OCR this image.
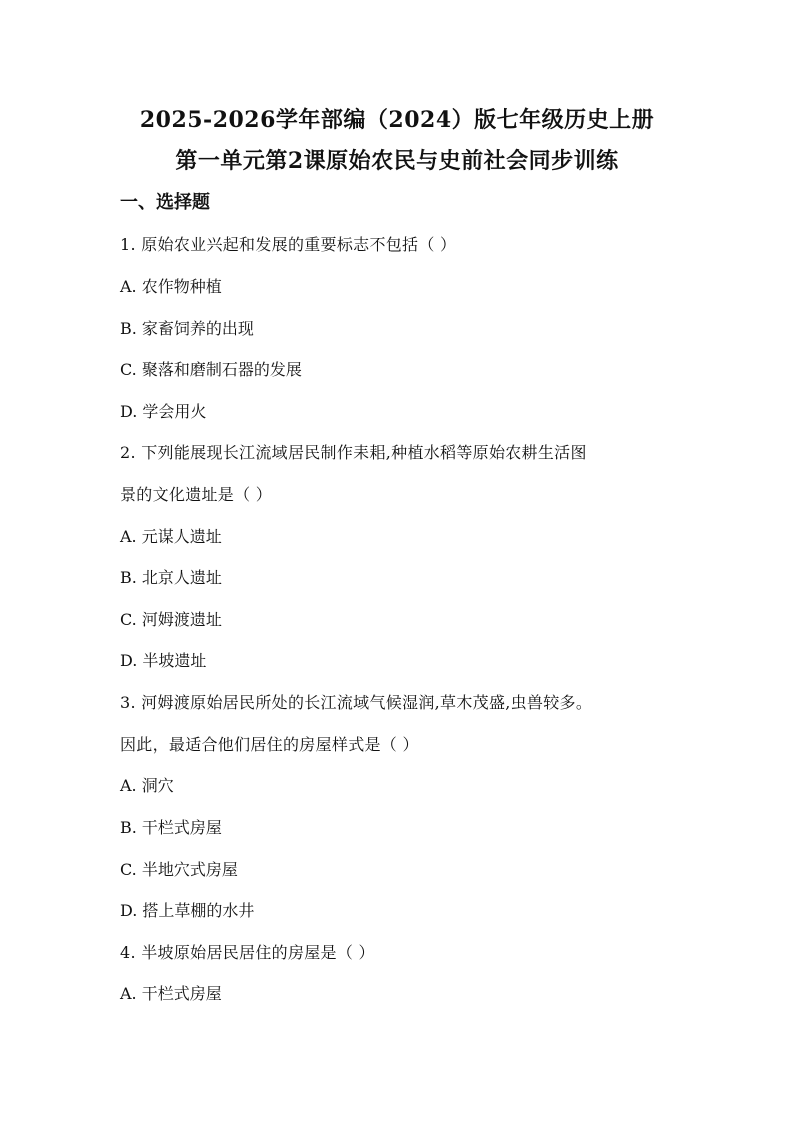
2025-2026学年部编（2024）版七年级历史上册
第一单元第2课原始农民与史前社会同步训练
一、选择题
1. 原始农业兴起和发展的重要标志不包括（ ）
A. 农作物种植
B. 家畜饲养的出现
C. 聚落和磨制石器的发展
D. 学会用火
2. 下列能展现长江流域居民制作耒耜,种植水稻等原始农耕生活图
景的文化遗址是（ ）
A. 元谋人遗址
B. 北京人遗址
C. 河姆渡遗址
D. 半坡遗址
3. 河姆渡原始居民所处的长江流域气候湿润,草木茂盛,虫兽较多。
因此，最适合他们居住的房屋样式是（ ）
A. 洞穴
B. 干栏式房屋
C. 半地穴式房屋
D. 搭上草棚的水井
4. 半坡原始居民居住的房屋是（ ）
A. 干栏式房屋
